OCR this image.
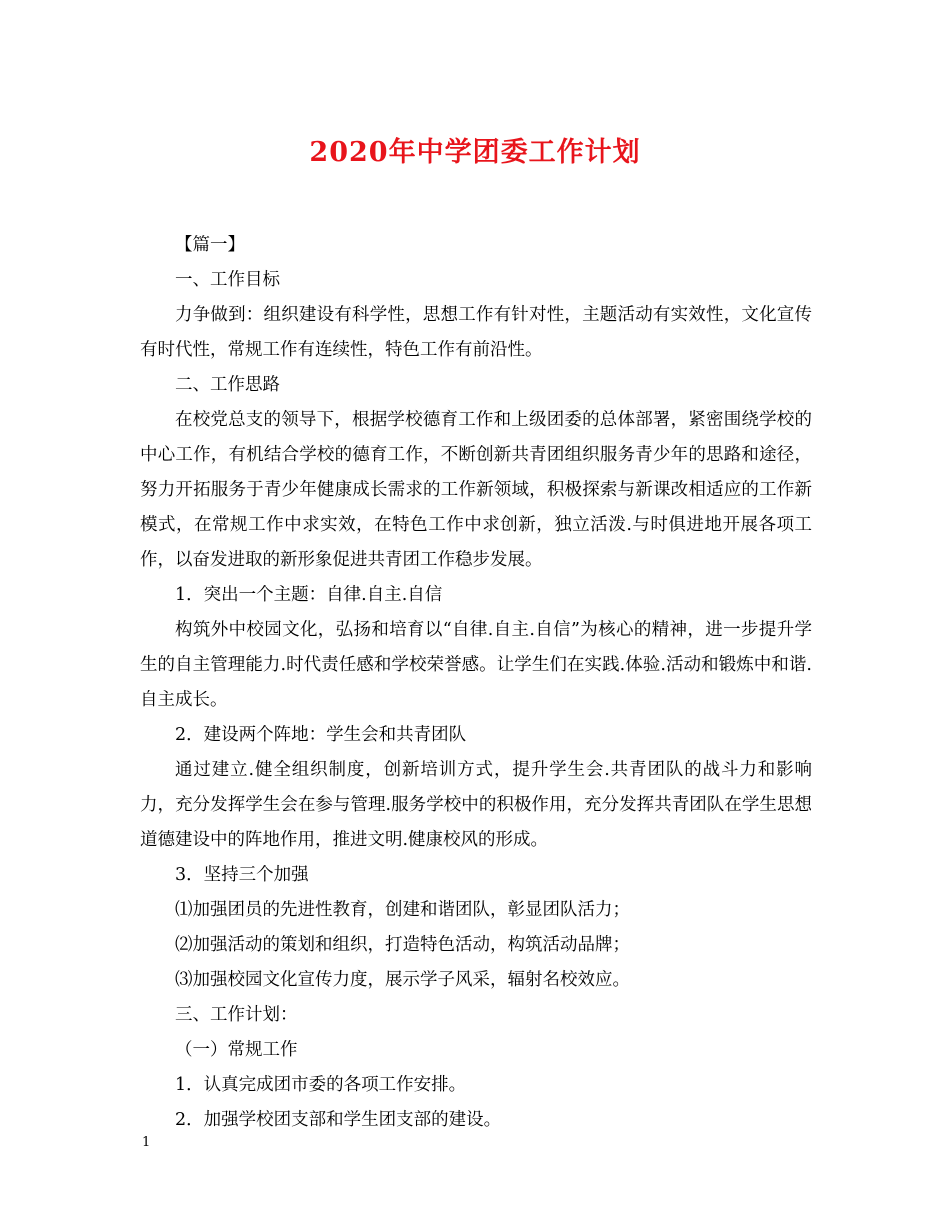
2020年中学团委工作计划

【篇一】

一、工作目标

力争做到：组织建设有科学性，思想工作有针对性，主题活动有实效性，文化宣传有时代性，常规工作有连续性，特色工作有前沿性。

二、工作思路

在校党总支的领导下，根据学校德育工作和上级团委的总体部署，紧密围绕学校的中心工作，有机结合学校的德育工作，不断创新共青团组织服务青少年的思路和途径，努力开拓服务于青少年健康成长需求的工作新领域，积极探索与新课改相适应的工作新模式，在常规工作中求实效，在特色工作中求创新，独立活泼.与时俱进地开展各项工作，以奋发进取的新形象促进共青团工作稳步发展。

1．突出一个主题：自律.自主.自信

构筑外中校园文化，弘扬和培育以“自律.自主.自信”为核心的精神，进一步提升学生的自主管理能力.时代责任感和学校荣誉感。让学生们在实践.体验.活动和锻炼中和谐.自主成长。

2．建设两个阵地：学生会和共青团队

通过建立.健全组织制度，创新培训方式，提升学生会.共青团队的战斗力和影响力，充分发挥学生会在参与管理.服务学校中的积极作用，充分发挥共青团队在学生思想道德建设中的阵地作用，推进文明.健康校风的形成。

3．坚持三个加强

⑴加强团员的先进性教育，创建和谐团队，彰显团队活力；

⑵加强活动的策划和组织，打造特色活动，构筑活动品牌；

⑶加强校园文化宣传力度，展示学子风采，辐射名校效应。

三、工作计划：

（一）常规工作

1．认真完成团市委的各项工作安排。

2．加强学校团支部和学生团支部的建设。

1
